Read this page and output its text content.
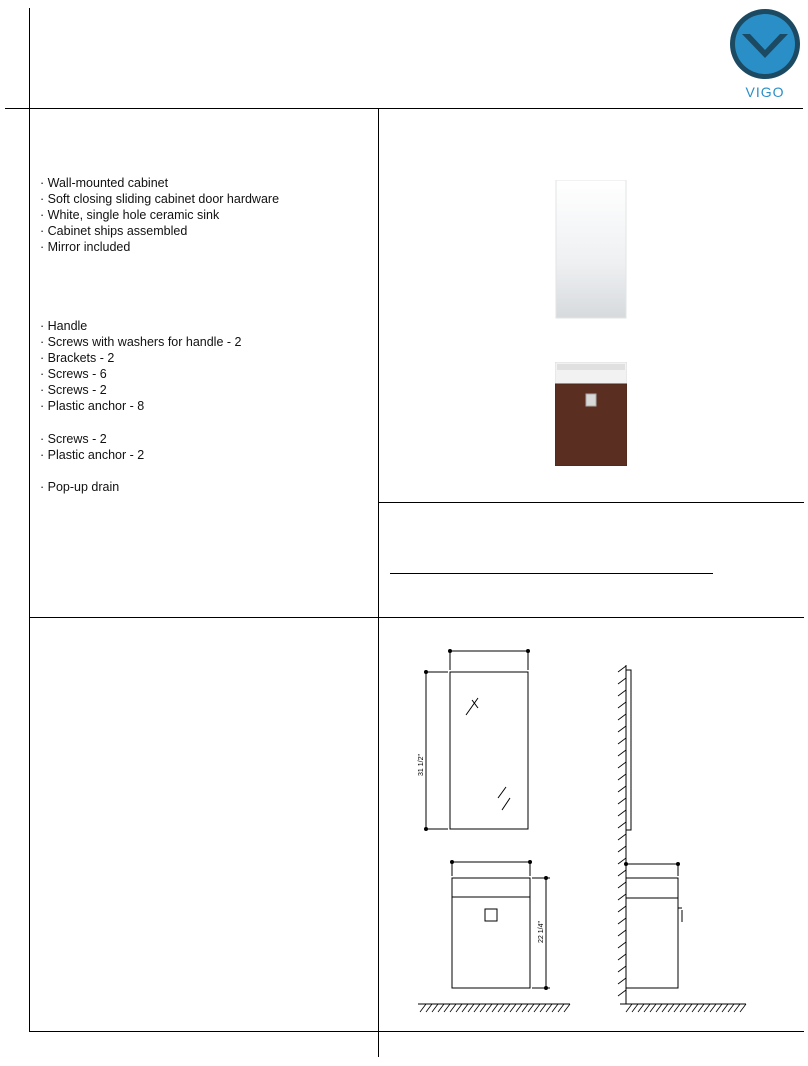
VIGO
· Wall-mounted cabinet
· Soft closing sliding cabinet door hardware
· White, single hole ceramic sink
· Cabinet ships assembled
· Mirror included
· Handle
· Screws with washers for handle - 2
· Brackets - 2
· Screws - 6
· Screws - 2
· Plastic anchor - 8
· Screws - 2
· Plastic anchor - 2
· Pop-up drain
31 1/2"
22 1/4"
